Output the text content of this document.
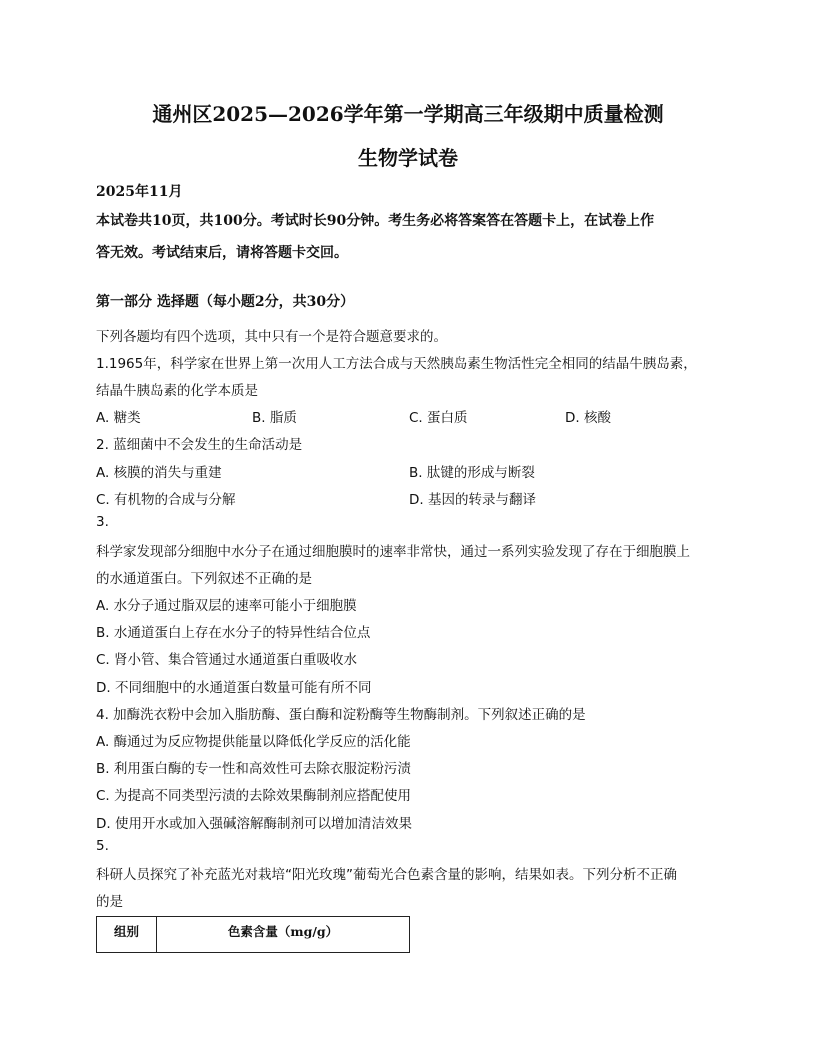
通州区2025—2026学年第一学期高三年级期中质量检测
生物学试卷
2025年11月
本试卷共10页，共100分。考试时长90分钟。考生务必将答案答在答题卡上，在试卷上作
答无效。考试结束后，请将答题卡交回。
第一部分 选择题（每小题2分，共30分）
下列各题均有四个选项，其中只有一个是符合题意要求的。
1.1965年，科学家在世界上第一次用人工方法合成与天然胰岛素生物活性完全相同的结晶牛胰岛素，
结晶牛胰岛素的化学本质是
A. 糖类	B. 脂质	C. 蛋白质	D. 核酸
2. 蓝细菌中不会发生的生命活动是
A. 核膜的消失与重建	B. 肽键的形成与断裂
C. 有机物的合成与分解	D. 基因的转录与翻译
3.
科学家发现部分细胞中水分子在通过细胞膜时的速率非常快，通过一系列实验发现了存在于细胞膜上
的水通道蛋白。下列叙述不正确的是
A. 水分子通过脂双层的速率可能小于细胞膜
B. 水通道蛋白上存在水分子的特异性结合位点
C. 肾小管、集合管通过水通道蛋白重吸收水
D. 不同细胞中的水通道蛋白数量可能有所不同
4. 加酶洗衣粉中会加入脂肪酶、蛋白酶和淀粉酶等生物酶制剂。下列叙述正确的是
A. 酶通过为反应物提供能量以降低化学反应的活化能
B. 利用蛋白酶的专一性和高效性可去除衣服淀粉污渍
C. 为提高不同类型污渍的去除效果酶制剂应搭配使用
D. 使用开水或加入强碱溶解酶制剂可以增加清洁效果
5.
科研人员探究了补充蓝光对栽培“阳光玫瑰”葡萄光合色素含量的影响，结果如表。下列分析不正确
的是
组别	色素含量（mg/g）
